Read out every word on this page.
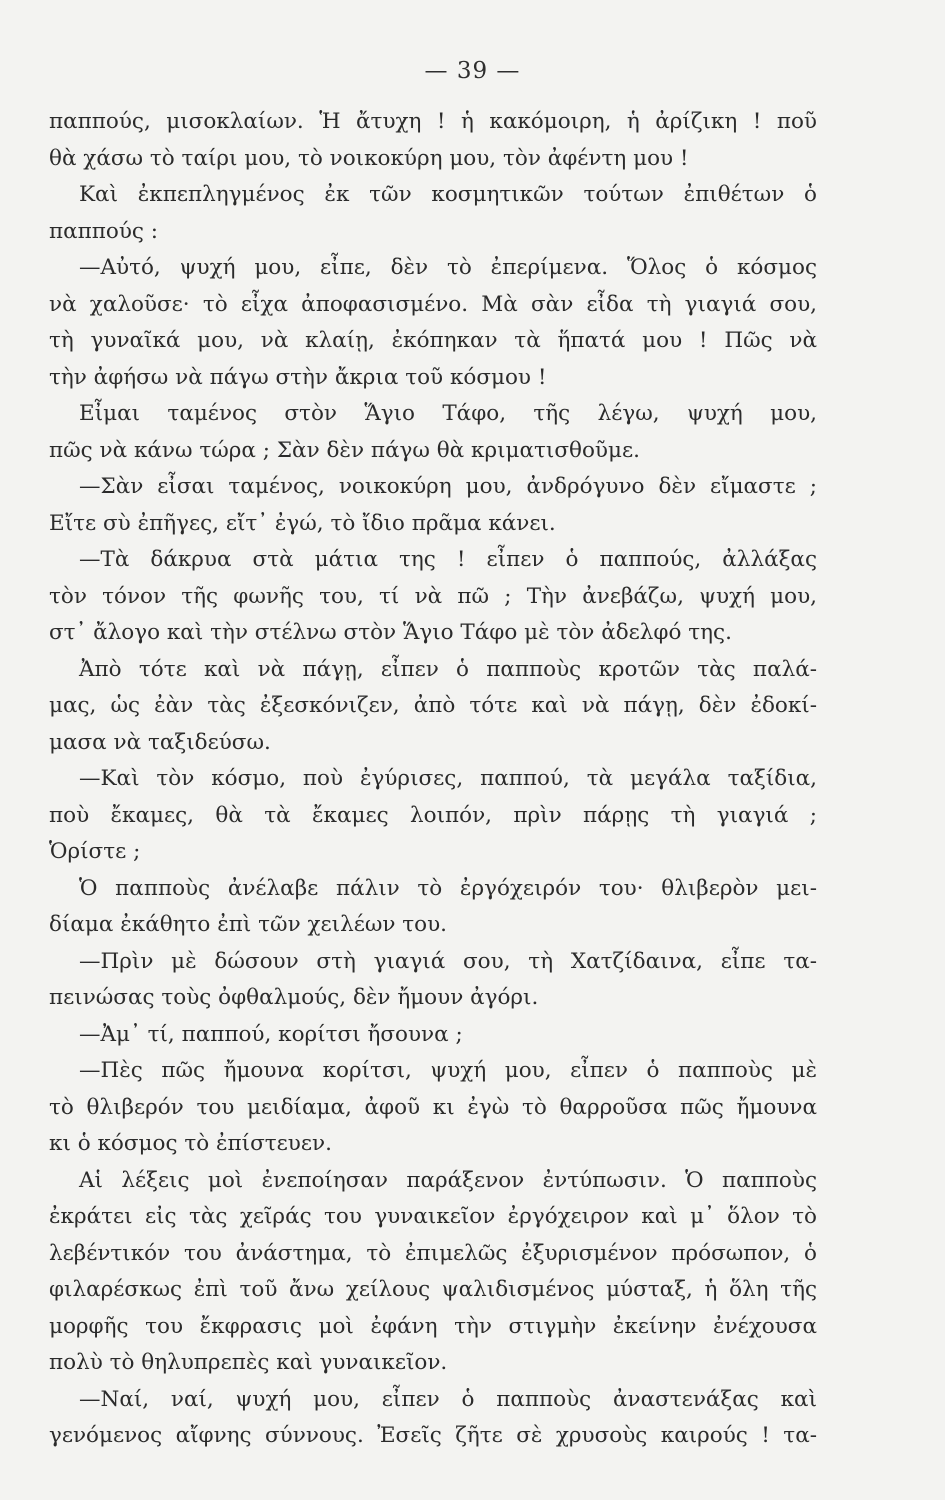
— 39 —
παππούς, μισοκλαίων. Ἡ ἄτυχη ! ἡ κακόμοιρη, ἡ ἀρίζικη ! ποῦ
θὰ χάσω τὸ ταίρι μου, τὸ νοικοκύρη μου, τὸν ἀφέντη μου !
Καὶ ἐκπεπληγμένος ἐκ τῶν κοσμητικῶν τούτων ἐπιθέτων ὁ
παππούς :
—Αὐτό, ψυχή μου, εἶπε, δὲν τὸ ἐπερίμενα. Ὅλος ὁ κόσμος
νὰ χαλοῦσε· τὸ εἶχα ἀποφασισμένο. Μὰ σὰν εἶδα τὴ γιαγιά σου,
τὴ γυναῖκά μου, νὰ κλαίῃ, ἐκόπηκαν τὰ ἥπατά μου ! Πῶς νὰ
τὴν ἀφήσω νὰ πάγω στὴν ἄκρια τοῦ κόσμου !
Εἶμαι ταμένος στὸν Ἅγιο Τάφο, τῆς λέγω, ψυχή μου,
πῶς νὰ κάνω τώρα ; Σὰν δὲν πάγω θὰ κριματισθοῦμε.
—Σὰν εἶσαι ταμένος, νοικοκύρη μου, ἀνδρόγυνο δὲν εἴμαστε ;
Εἴτε σὺ ἐπῆγες, εἴτ᾽ ἐγώ, τὸ ἴδιο πρᾶμα κάνει.
—Τὰ δάκρυα στὰ μάτια της ! εἶπεν ὁ παππούς, ἀλλάξας
τὸν τόνον τῆς φωνῆς του, τί νὰ πῶ ; Τὴν ἀνεβάζω, ψυχή μου,
στ᾽ ἄλογο καὶ τὴν στέλνω στὸν Ἅγιο Τάφο μὲ τὸν ἀδελφό της.
Ἀπὸ τότε καὶ νὰ πάγῃ, εἶπεν ὁ παπποὺς κροτῶν τὰς παλά-
μας, ὡς ἐὰν τὰς ἐξεσκόνιζεν, ἀπὸ τότε καὶ νὰ πάγῃ, δὲν ἐδοκί-
μασα νὰ ταξιδεύσω.
—Καὶ τὸν κόσμο, ποὺ ἐγύρισες, παππού, τὰ μεγάλα ταξίδια,
ποὺ ἔκαμες, θὰ τὰ ἔκαμες λοιπόν, πρὶν πάρῃς τὴ γιαγιά ;
Ὁρίστε ;
Ὁ παπποὺς ἀνέλαβε πάλιν τὸ ἐργόχειρόν του· θλιβερὸν μει-
δίαμα ἐκάθητο ἐπὶ τῶν χειλέων του.
—Πρὶν μὲ δώσουν στὴ γιαγιά σου, τὴ Χατζίδαινα, εἶπε τα-
πεινώσας τοὺς ὀφθαλμούς, δὲν ἤμουν ἀγόρι.
—Ἀμ᾽ τί, παππού, κορίτσι ἤσουνα ;
—Πὲς πῶς ἤμουνα κορίτσι, ψυχή μου, εἶπεν ὁ παπποὺς μὲ
τὸ θλιβερόν του μειδίαμα, ἀφοῦ κι ἐγὼ τὸ θαρροῦσα πῶς ἤμουνα
κι ὁ κόσμος τὸ ἐπίστευεν.
Αἱ λέξεις μοὶ ἐνεποίησαν παράξενον ἐντύπωσιν. Ὁ παπποὺς
ἐκράτει εἰς τὰς χεῖράς του γυναικεῖον ἐργόχειρον καὶ μ᾽ ὅλον τὸ
λεβέντικόν του ἀνάστημα, τὸ ἐπιμελῶς ἐξυρισμένον πρόσωπον, ὁ
φιλαρέσκως ἐπὶ τοῦ ἄνω χείλους ψαλιδισμένος μύσταξ, ἡ ὅλη τῆς
μορφῆς του ἔκφρασις μοὶ ἐφάνη τὴν στιγμὴν ἐκείνην ἐνέχουσα
πολὺ τὸ θηλυπρεπὲς καὶ γυναικεῖον.
—Ναί, ναί, ψυχή μου, εἶπεν ὁ παπποὺς ἀναστενάξας καὶ
γενόμενος αἴφνης σύννους. Ἐσεῖς ζῆτε σὲ χρυσοὺς καιρούς ! τα-
